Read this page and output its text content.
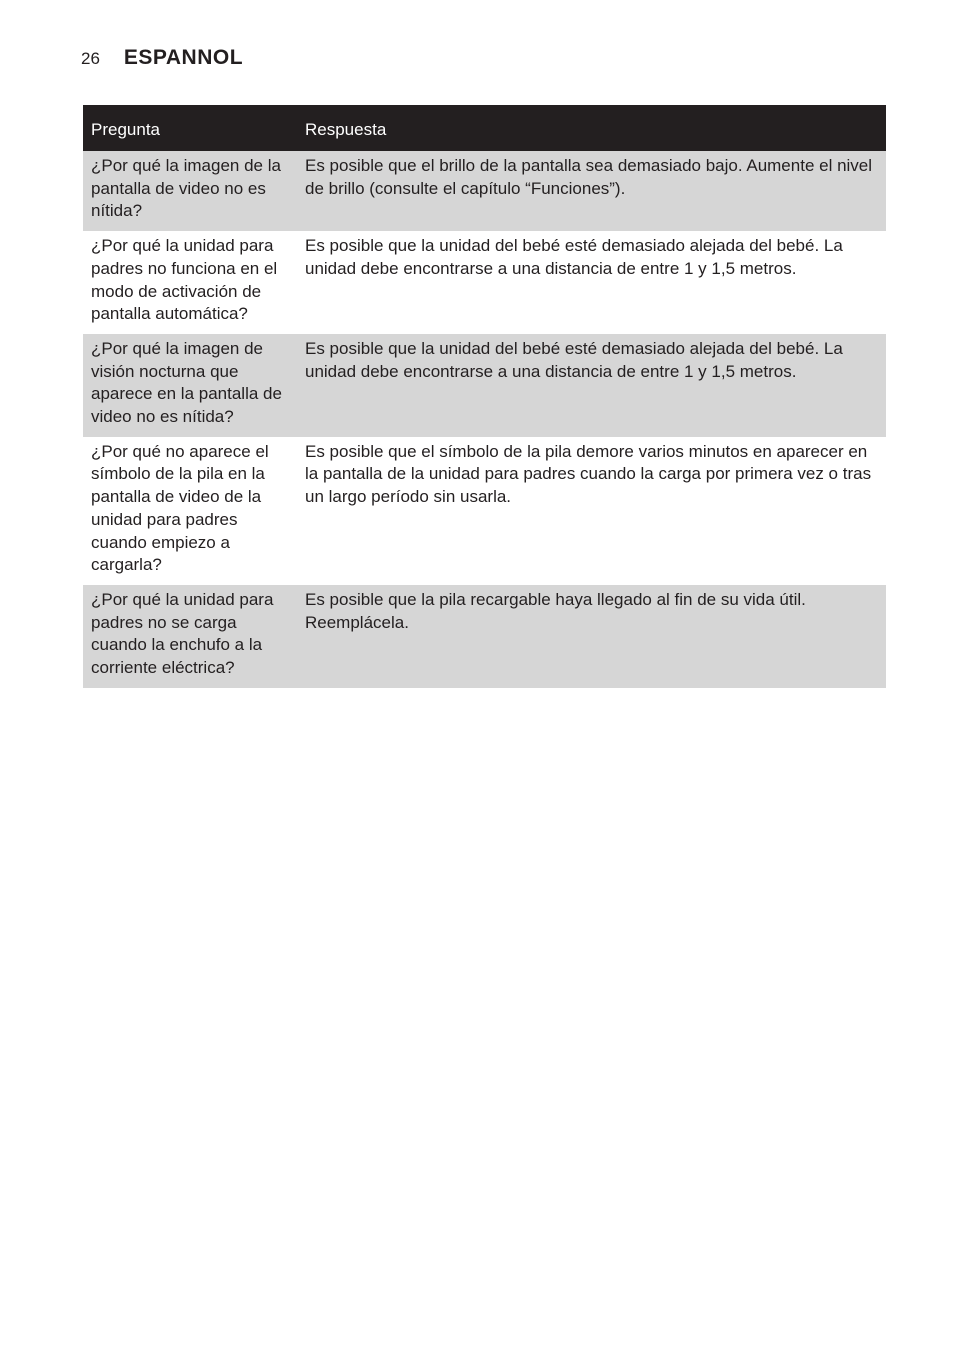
26 ESPANNOL
Pregunta	Respuesta
¿Por qué la imagen de la pantalla de video no es nítida?	Es posible que el brillo de la pantalla sea demasiado bajo. Aumente el nivel de brillo (consulte el capítulo “Funciones”).
¿Por qué la unidad para padres no funciona en el modo de activación de pantalla automática?	Es posible que la unidad del bebé esté demasiado alejada del bebé. La unidad debe encontrarse a una distancia de entre 1 y 1,5 metros.
¿Por qué la imagen de visión nocturna que aparece en la pantalla de video no es nítida?	Es posible que la unidad del bebé esté demasiado alejada del bebé. La unidad debe encontrarse a una distancia de entre 1 y 1,5 metros.
¿Por qué no aparece el símbolo de la pila en la pantalla de video de la unidad para padres cuando empiezo a cargarla?	Es posible que el símbolo de la pila demore varios minutos en aparecer en la pantalla de la unidad para padres cuando la carga por primera vez o tras un largo período sin usarla.
¿Por qué la unidad para padres no se carga cuando la enchufo a la corriente eléctrica?	Es posible que la pila recargable haya llegado al fin de su vida útil. Reemplácela.
